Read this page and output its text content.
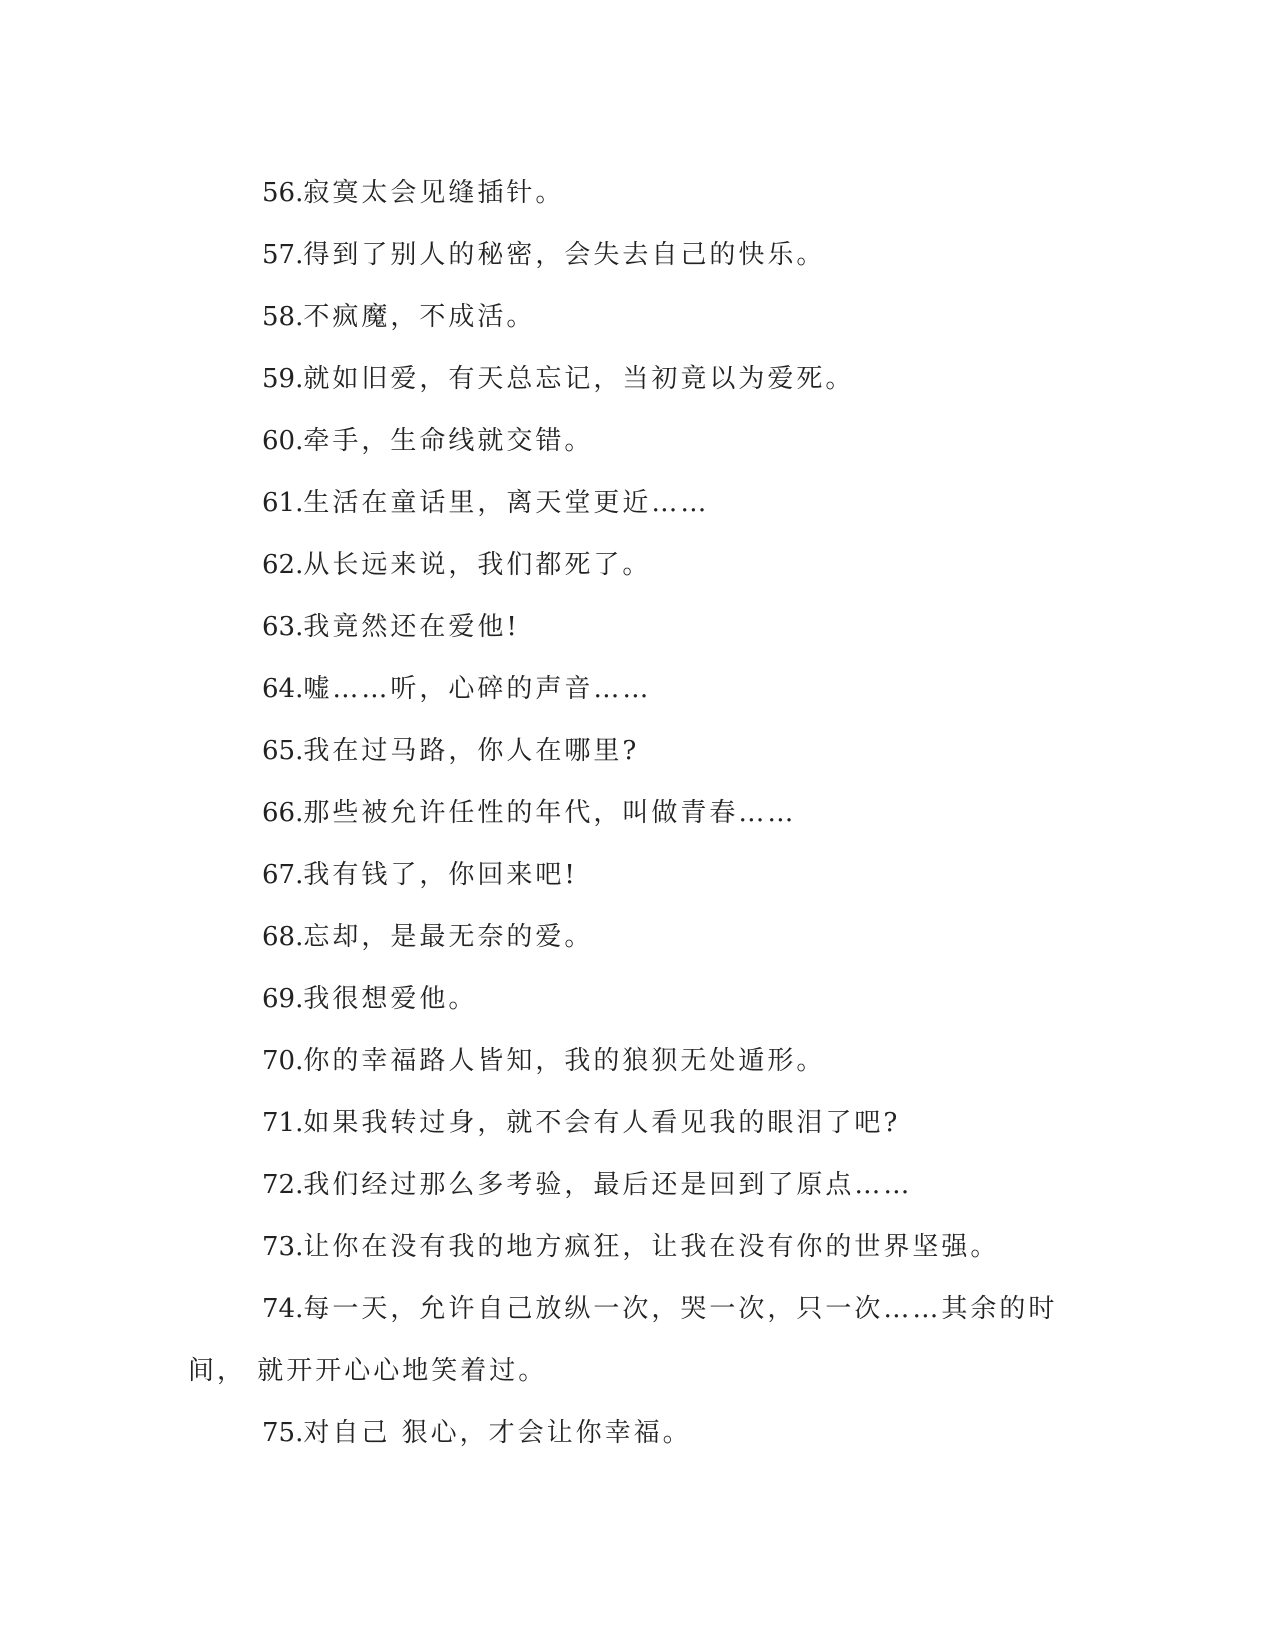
56.寂寞太会见缝插针。

57.得到了别人的秘密，会失去自己的快乐。

58.不疯魔，不成活。

59.就如旧爱，有天总忘记，当初竟以为爱死。

60.牵手，生命线就交错。

61.生活在童话里，离天堂更近……

62.从长远来说，我们都死了。

63.我竟然还在爱他!

64.嘘……听，心碎的声音……

65.我在过马路，你人在哪里?

66.那些被允许任性的年代，叫做青春……

67.我有钱了，你回来吧!

68.忘却，是最无奈的爱。

69.我很想爱他。

70.你的幸福路人皆知，我的狼狈无处遁形。

71.如果我转过身，就不会有人看见我的眼泪了吧?

72.我们经过那么多考验，最后还是回到了原点……

73.让你在没有我的地方疯狂，让我在没有你的世界坚强。

74.每一天，允许自己放纵一次，哭一次，只一次……其余的时间， 就开开心心地笑着过。

75.对自己 狠心，才会让你幸福。
